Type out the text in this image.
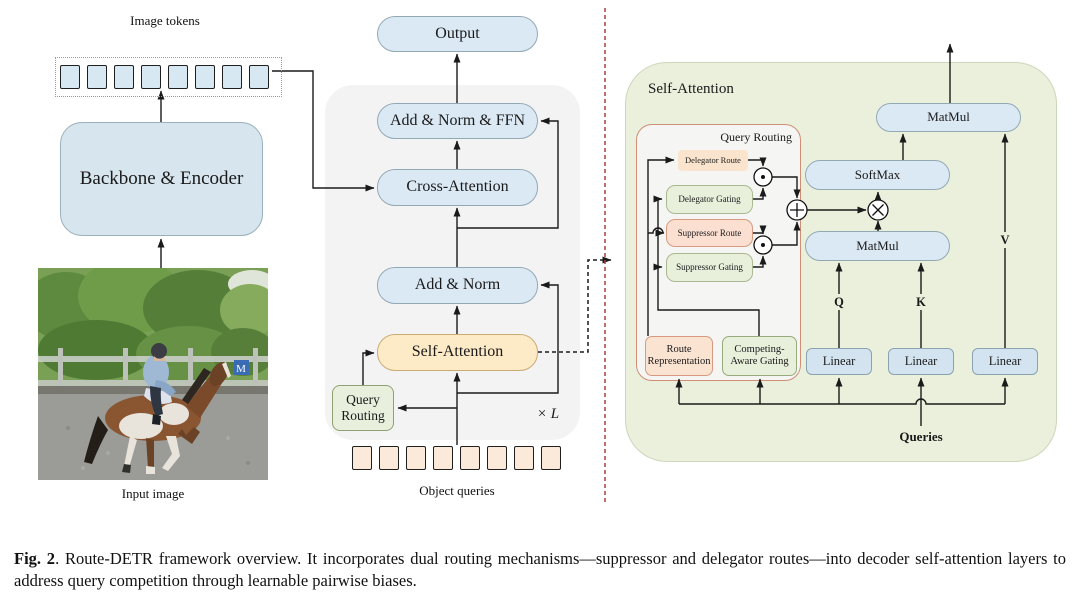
Image tokens
Backbone & Encoder
M
Input image
Output
Add & Norm & FFN
Cross-Attention
Add & Norm
Self-Attention
Query Routing	× L
Object queries
Self-Attention
Query Routing
Delegator Route
Delegator Gating
Suppressor Route
Suppressor Gating
Route Representation
Competing-Aware Gating
MatMul
SoftMax
MatMul
Linear	Linear	Linear
Q	K
V
Queries
Fig. 2. Route-DETR framework overview. It incorporates dual routing mechanisms—suppressor and delegator routes—into decoder self-attention layers to address query competition through learnable pairwise biases.
